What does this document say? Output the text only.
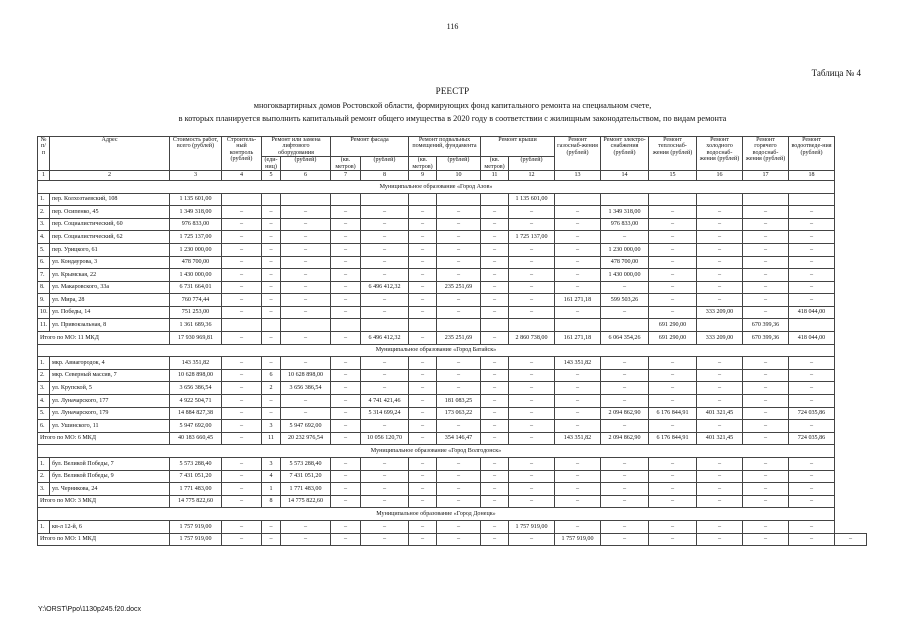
116
Таблица № 4
РЕЕСТР
многоквартирных домов Ростовской области, формирующих фонд капитального ремонта на специальном счете,
в которых планируется выполнить капитальный ремонт общего имущества в 2020 году в соответствии с жилищным законодательством, по видам ремонта
№ п/п	Адрес	Стоимость работ, всего (рублей)	Строитель-ный контроль (рублей)	Ремонт или замена лифтового оборудования		Ремонт фасада		Ремонт подвальных помещений, фундамента		Ремонт крыши		Ремонт газоснаб-жения (рублей)	Ремонт электро-снабжения (рублей)	Ремонт теплоснаб-жения (рублей)	Ремонт холодного водоснаб-жения (рублей)	Ремонт горячего водоснаб-жения (рублей)	Ремонт водоотведе-ния (рублей)	
				(еди-ниц)	(рублей)	(кв. метров)	(рублей)	(кв. метров)	(рублей)	(кв. метров)	(рублей)							
1	2	3	4	5	6	7	8	9	10	11	12	13	14	15	16	17	18	
Муниципальное образование «Город Азов»																		
1.	пер. Колхозтаевский, 108	1 135 601,00									1 135 601,00							
2.	пер. Осипенко, 45	1 349 318,00	–	–	–	–	–	–	–	–	–	–	1 349 318,00	–	–	–	–	
3.	пер. Социалистический, 60	976 833,00	–	–	–	–	–	–	–	–	–	–	976 833,00	–	–	–	–	
4.	пер. Социалистический, 62	1 725 137,00	–	–	–	–	–	–	–	–	1 725 137,00	–	–	–	–	–	–	
5.	пер. Урицкого, 61	1 230 000,00	–	–	–	–	–	–	–	–	–	–	1 230 000,00	–	–	–	–	
6.	ул. Кондаурова, 3	478 700,00	–	–	–	–	–	–	–	–	–	–	478 700,00	–	–	–	–	
7.	ул. Крымская, 22	1 430 000,00	–	–	–	–	–	–	–	–	–	–	1 430 000,00	–	–	–	–	
8.	ул. Макаровского, 33а	6 731 664,01	–	–	–	–	6 496 412,32	–	235 251,69	–	–	–	–	–	–	–	–	
9.	ул. Мира, 28	760 774,44	–	–	–	–	–	–	–	–	–	161 271,18	599 503,26	–	–	–	–	
10.	ул. Победы, 14	751 253,00	–	–	–	–	–	–	–	–	–	–	–	–	333 209,00	–	418 044,00	
11.	ул. Привокзальная, 8	1 361 689,36												691 290,00		670 399,36		
Итого по МО: 11 МКД		17 930 969,81	–	–	–	–	6 496 412,32	–	235 251,69	–	2 860 738,00	161 271,18	6 064 354,26	691 290,00	333 209,00	670 399,36	418 044,00	
Муниципальное образование «Город Батайск»																		
1.	мкр. Авиагородок, 4	143 351,82	–	–	–	–	–	–	–	–	–	143 351,82	–	–	–	–	–	
2.	мкр. Северный массив, 7	10 628 898,00	–	6	10 628 898,00	–	–	–	–	–	–	–	–	–	–	–	–	
3.	ул. Крупской, 5	3 656 386,54	–	2	3 656 386,54	–	–	–	–	–	–	–	–	–	–	–	–	
4.	ул. Луначарского, 177	4 922 504,71	–	–	–	–	4 741 421,46	–	181 083,25	–	–	–	–	–	–	–	–	
5.	ул. Луначарского, 179	14 884 827,38	–	–	–	–	5 314 699,24	–	173 063,22	–	–	–	2 094 862,90	6 176 844,91	401 321,45	–	724 035,86	
6.	ул. Ушинского, 11	5 947 692,00	–	3	5 947 692,00	–	–	–	–	–	–	–	–	–	–	–	–	
Итого по МО: 6 МКД		40 183 660,45	–	11	20 232 976,54	–	10 056 120,70	–	354 146,47	–	–	143 351,82	2 094 862,90	6 176 844,91	401 321,45	–	724 035,86	
Муниципальное образование «Город Волгодонск»																		
1.	бул. Великой Победы, 7	5 573 288,40	–	3	5 573 288,40	–	–	–	–	–	–	–	–	–	–	–	–	
2.	бул. Великой Победы, 9	7 431 051,20	–	4	7 431 051,20	–	–	–	–	–	–	–	–	–	–	–	–	
3.	ул. Черникова, 24	1 771 483,00	–	1	1 771 483,00	–	–	–	–	–	–	–	–	–	–	–	–	
Итого по МО: 3 МКД		14 775 822,60	–	8	14 775 822,60	–	–	–	–	–	–	–	–	–	–	–	–	
Муниципальное образование «Город Донецк»																		
1.	кв-л 12-й, 6	1 757 919,00	–	–	–	–	–	–	–	–	1 757 919,00	–	–	–	–	–	–	
Итого по МО: 1 МКД		1 757 919,00	–	–	–	–	–	–	–	–	–	1 757 919,00	–	–	–	–	–	–
Y:\ORST\Ppo\1130p245.f20.docx
